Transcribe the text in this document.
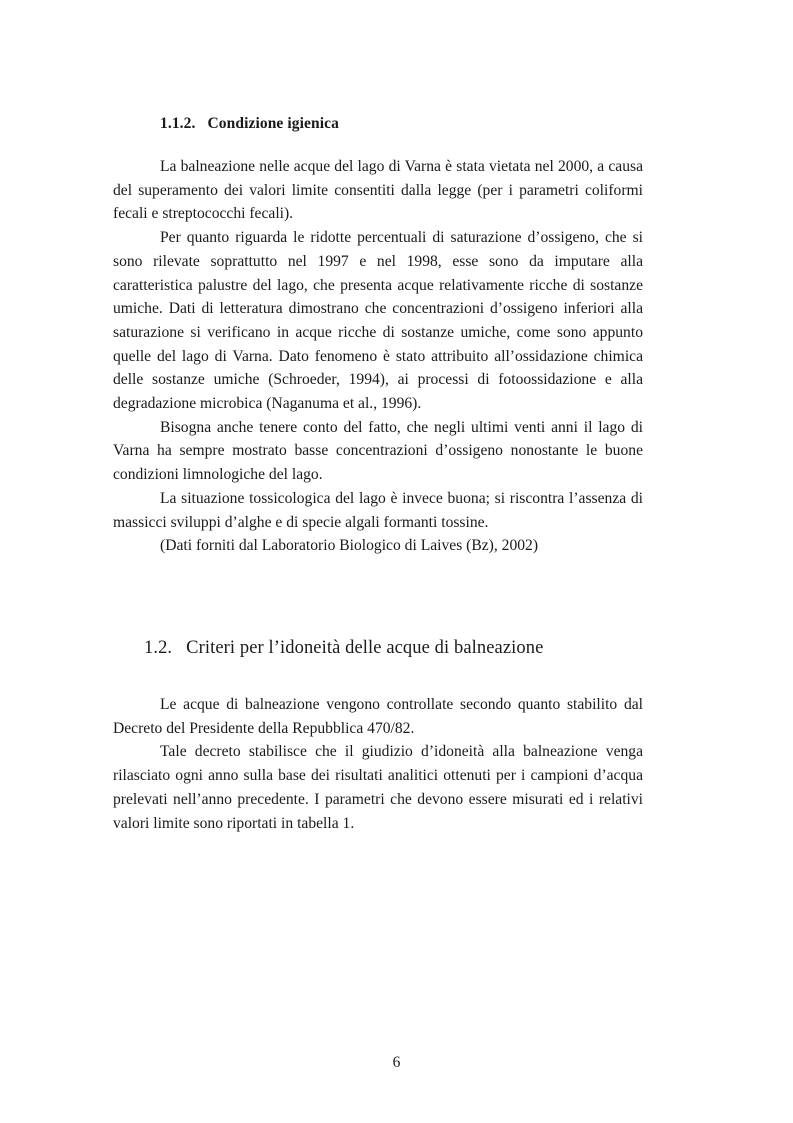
1.1.2. Condizione igienica

La balneazione nelle acque del lago di Varna è stata vietata nel 2000, a causa del superamento dei valori limite consentiti dalla legge (per i parametri coliformi fecali e streptococchi fecali).

Per quanto riguarda le ridotte percentuali di saturazione d’ossigeno, che si sono rilevate soprattutto nel 1997 e nel 1998, esse sono da imputare alla caratteristica palustre del lago, che presenta acque relativamente ricche di sostanze umiche. Dati di letteratura dimostrano che concentrazioni d’ossigeno inferiori alla saturazione si verificano in acque ricche di sostanze umiche, come sono appunto quelle del lago di Varna. Dato fenomeno è stato attribuito all’ossidazione chimica delle sostanze umiche (Schroeder, 1994), ai processi di fotoossidazione e alla degradazione microbica (Naganuma et al., 1996).

Bisogna anche tenere conto del fatto, che negli ultimi venti anni il lago di Varna ha sempre mostrato basse concentrazioni d’ossigeno nonostante le buone condizioni limnologiche del lago.

La situazione tossicologica del lago è invece buona; si riscontra l’assenza di massicci sviluppi d’alghe e di specie algali formanti tossine.

(Dati forniti dal Laboratorio Biologico di Laives (Bz), 2002)

1.2. Criteri per l’idoneità delle acque di balneazione

Le acque di balneazione vengono controllate secondo quanto stabilito dal Decreto del Presidente della Repubblica 470/82.

Tale decreto stabilisce che il giudizio d’idoneità alla balneazione venga rilasciato ogni anno sulla base dei risultati analitici ottenuti per i campioni d’acqua prelevati nell’anno precedente. I parametri che devono essere misurati ed i relativi valori limite sono riportati in tabella 1.

6
